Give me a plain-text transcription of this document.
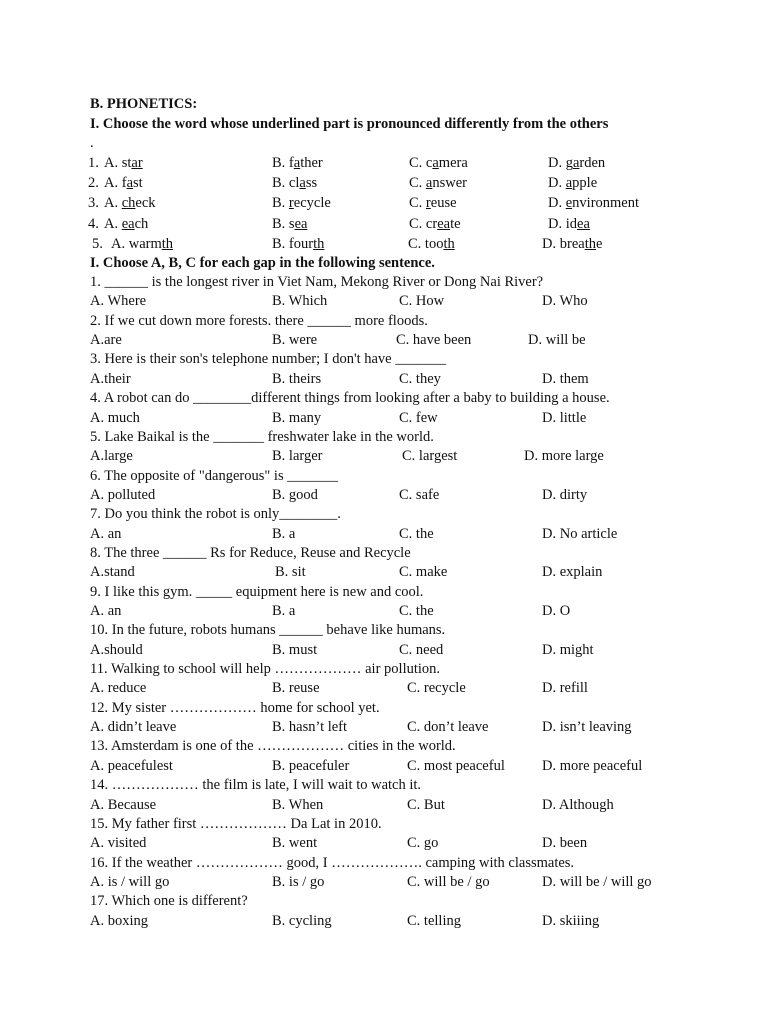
B. PHONETICS:
I. Choose the word whose underlined part is pronounced differently from the others
.
1. A. star	B. father	C. camera	D. garden
2. A. fast	B. class	C. answer	D. apple
3. A. check	B. recycle	C. reuse	D. environment
4. A. each	B. sea	C. create	D. idea
5. A. warmth	B. fourth	C. tooth	D. breathe
I. Choose A, B, C for each gap in the following sentence.
1. ______ is the longest river in Viet Nam, Mekong River or Dong Nai River?
A. Where	B. Which	C. How	D. Who
2. If we cut down more forests. there ______ more floods.
A.are	B. were	C. have been	D. will be
3. Here is their son's telephone number; I don't have _______
A.their	B. theirs	C. they	D. them
4. A robot can do ________different things from looking after a baby to building a house.
A. much	B. many	C. few	D. little
5. Lake Baikal is the _______ freshwater lake in the world.
A.large	B. larger	C. largest	D. more large
6. The opposite of "dangerous" is _______
A. polluted	B. good	C. safe	D. dirty
7. Do you think the robot is only________.
A. an	B. a	C. the	D. No article
8. The three ______ Rs for Reduce, Reuse and Recycle
A.stand	B. sit	C. make	D. explain
9. I like this gym. _____ equipment here is new and cool.
A. an	B. a	C. the	D. O
10. In the future, robots humans ______ behave like humans.
A.should	B. must	C. need	D. might
11. Walking to school will help ……………… air pollution.
A. reduce	B. reuse	C. recycle	D. refill
12. My sister ……………… home for school yet.
A. didn’t leave	B. hasn’t left	C. don’t leave	D. isn’t leaving
13. Amsterdam is one of the ……………… cities in the world.
A. peacefulest	B. peacefuler	C. most peaceful	D. more peaceful
14. ……………… the film is late, I will wait to watch it.
A. Because	B. When	C. But	D. Although
15. My father first ……………… Da Lat in 2010.
A. visited	B. went	C. go	D. been
16. If the weather ……………… good, I ………………. camping with classmates.
A. is / will go	B. is / go	C. will be / go	D. will be / will go
17. Which one is different?
A. boxing	B. cycling	C. telling	D. skiiing
